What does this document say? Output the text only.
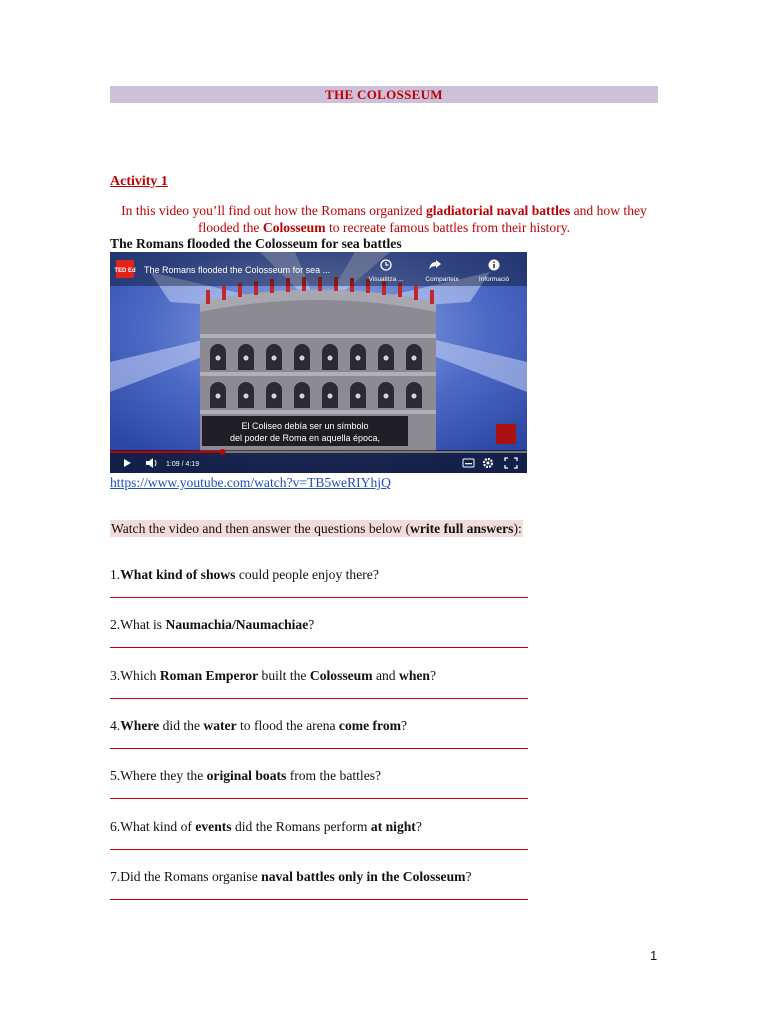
THE COLOSSEUM
Activity 1
In this video you’ll find out how the Romans organized gladiatorial naval battles and how they flooded the Colosseum to recreate famous battles from their history.
The Romans flooded the Colosseum for sea battles
TED Ed The Romans flooded the Colosseum for sea ...
Visualitza ...	Comparteix	Informació
El Coliseo debía ser un símbolo
del poder de Roma en aquella época,
1:09 / 4:19
https://www.youtube.com/watch?v=TB5weRIYhjQ
Watch the video and then answer the questions below (write full answers):
1.What kind of shows could people enjoy there?
2.What is Naumachia/Naumachiae?
3.Which Roman Emperor built the Colosseum and when?
4.Where did the water to flood the arena come from?
5.Where they the original boats from the battles?
6.What kind of events did the Romans perform at night?
7.Did the Romans organise naval battles only in the Colosseum?
1
